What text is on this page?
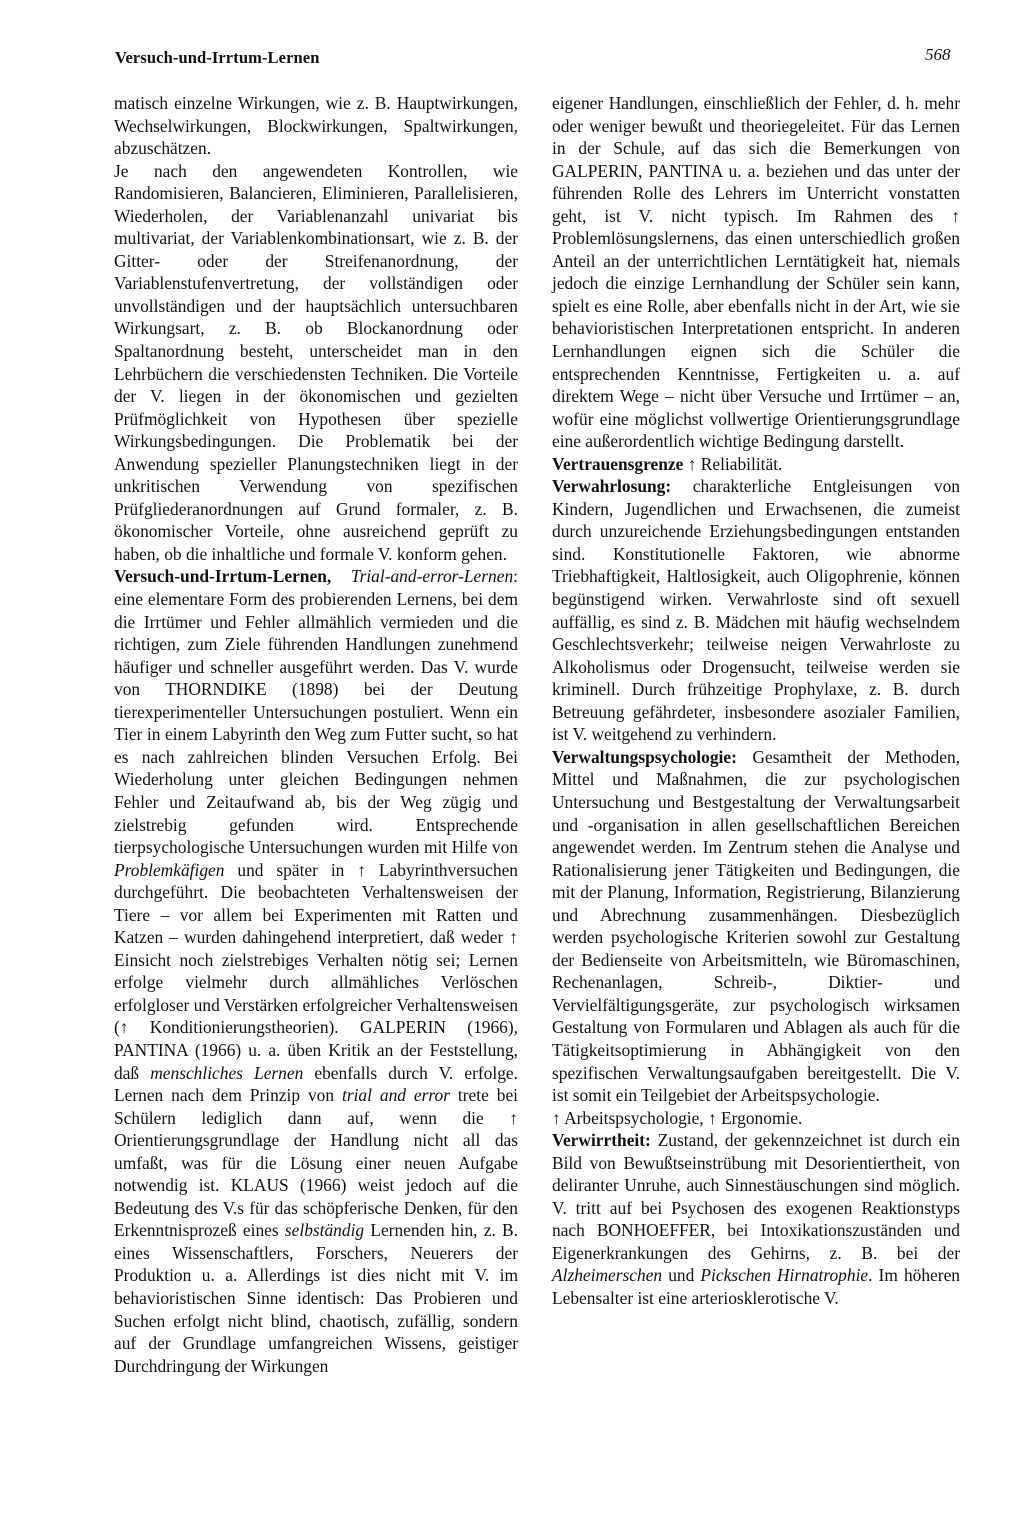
Versuch-und-Irrtum-Lernen	568

matisch einzelne Wirkungen, wie z. B. Hauptwirkungen, Wechselwirkungen, Blockwirkungen, Spaltwirkungen, abzuschätzen.

Je nach den angewendeten Kontrollen, wie Randomisieren, Balancieren, Eliminieren, Parallelisieren, Wiederholen, der Variablenanzahl univariat bis multivariat, der Variablenkombinationsart, wie z. B. der Gitter- oder der Streifenanordnung, der Variablenstufenvertretung, der vollständigen oder unvollständigen und der hauptsächlich untersuchbaren Wirkungsart, z. B. ob Blockanordnung oder Spaltanordnung besteht, unterscheidet man in den Lehrbüchern die verschiedensten Techniken. Die Vorteile der V. liegen in der ökonomischen und gezielten Prüfmöglichkeit von Hypothesen über spezielle Wirkungsbedingungen. Die Problematik bei der Anwendung spezieller Planungstechniken liegt in der unkritischen Verwendung von spezifischen Prüfgliederanordnungen auf Grund formaler, z. B. ökonomischer Vorteile, ohne ausreichend geprüft zu haben, ob die inhaltliche und formale V. konform gehen.

Versuch-und-Irrtum-Lernen, Trial-and-error-Lernen: eine elementare Form des probierenden Lernens, bei dem die Irrtümer und Fehler allmählich vermieden und die richtigen, zum Ziele führenden Handlungen zunehmend häufiger und schneller ausgeführt werden. Das V. wurde von THORNDIKE (1898) bei der Deutung tierexperimenteller Untersuchungen postuliert. Wenn ein Tier in einem Labyrinth den Weg zum Futter sucht, so hat es nach zahlreichen blinden Versuchen Erfolg. Bei Wiederholung unter gleichen Bedingungen nehmen Fehler und Zeitaufwand ab, bis der Weg zügig und zielstrebig gefunden wird. Entsprechende tierpsychologische Untersuchungen wurden mit Hilfe von Problemkäfigen und später in ↑ Labyrinthversuchen durchgeführt. Die beobachteten Verhaltensweisen der Tiere – vor allem bei Experimenten mit Ratten und Katzen – wurden dahingehend interpretiert, daß weder ↑ Einsicht noch zielstrebiges Verhalten nötig sei; Lernen erfolge vielmehr durch allmähliches Verlöschen erfolgloser und Verstärken erfolgreicher Verhaltensweisen (↑ Konditionierungstheorien). GALPERIN (1966), PANTINA (1966) u. a. üben Kritik an der Feststellung, daß menschliches Lernen ebenfalls durch V. erfolge. Lernen nach dem Prinzip von trial and error trete bei Schülern lediglich dann auf, wenn die ↑ Orientierungsgrundlage der Handlung nicht all das umfaßt, was für die Lösung einer neuen Aufgabe notwendig ist. KLAUS (1966) weist jedoch auf die Bedeutung des V.s für das schöpferische Denken, für den Erkenntnisprozeß eines selbständig Lernenden hin, z. B. eines Wissenschaftlers, Forschers, Neuerers der Produktion u. a. Allerdings ist dies nicht mit V. im behavioristischen Sinne identisch: Das Probieren und Suchen erfolgt nicht blind, chaotisch, zufällig, sondern auf der Grundlage umfangreichen Wissens, geistiger Durchdringung der Wirkungen

eigener Handlungen, einschließlich der Fehler, d. h. mehr oder weniger bewußt und theoriegeleitet. Für das Lernen in der Schule, auf das sich die Bemerkungen von GALPERIN, PANTINA u. a. beziehen und das unter der führenden Rolle des Lehrers im Unterricht vonstatten geht, ist V. nicht typisch. Im Rahmen des ↑ Problemlösungslernens, das einen unterschiedlich großen Anteil an der unterrichtlichen Lerntätigkeit hat, niemals jedoch die einzige Lernhandlung der Schüler sein kann, spielt es eine Rolle, aber ebenfalls nicht in der Art, wie sie behavioristischen Interpretationen entspricht. In anderen Lernhandlungen eignen sich die Schüler die entsprechenden Kenntnisse, Fertigkeiten u. a. auf direktem Wege – nicht über Versuche und Irrtümer – an, wofür eine möglichst vollwertige Orientierungsgrundlage eine außerordentlich wichtige Bedingung darstellt.

Vertrauensgrenze ↑ Reliabilität.

Verwahrlosung: charakterliche Entgleisungen von Kindern, Jugendlichen und Erwachsenen, die zumeist durch unzureichende Erziehungsbedingungen entstanden sind. Konstitutionelle Faktoren, wie abnorme Triebhaftigkeit, Haltlosigkeit, auch Oligophrenie, können begünstigend wirken. Verwahrloste sind oft sexuell auffällig, es sind z. B. Mädchen mit häufig wechselndem Geschlechtsverkehr; teilweise neigen Verwahrloste zu Alkoholismus oder Drogensucht, teilweise werden sie kriminell. Durch frühzeitige Prophylaxe, z. B. durch Betreuung gefährdeter, insbesondere asozialer Familien, ist V. weitgehend zu verhindern.

Verwaltungspsychologie: Gesamtheit der Methoden, Mittel und Maßnahmen, die zur psychologischen Untersuchung und Bestgestaltung der Verwaltungsarbeit und -organisation in allen gesellschaftlichen Bereichen angewendet werden. Im Zentrum stehen die Analyse und Rationalisierung jener Tätigkeiten und Bedingungen, die mit der Planung, Information, Registrierung, Bilanzierung und Abrechnung zusammenhängen. Diesbezüglich werden psychologische Kriterien sowohl zur Gestaltung der Bedienseite von Arbeitsmitteln, wie Büromaschinen, Rechenanlagen, Schreib-, Diktier- und Vervielfältigungsgeräte, zur psychologisch wirksamen Gestaltung von Formularen und Ablagen als auch für die Tätigkeitsoptimierung in Abhängigkeit von den spezifischen Verwaltungsaufgaben bereitgestellt. Die V. ist somit ein Teilgebiet der Arbeitspsychologie.

↑ Arbeitspsychologie, ↑ Ergonomie.

Verwirrtheit: Zustand, der gekennzeichnet ist durch ein Bild von Bewußtseinstrübung mit Desorientiertheit, von deliranter Unruhe, auch Sinnestäuschungen sind möglich. V. tritt auf bei Psychosen des exogenen Reaktionstyps nach BONHOEFFER, bei Intoxikationszuständen und Eigenerkrankungen des Gehirns, z. B. bei der Alzheimerschen und Pickschen Hirnatrophie. Im höheren Lebensalter ist eine arteriosklerotische V.
